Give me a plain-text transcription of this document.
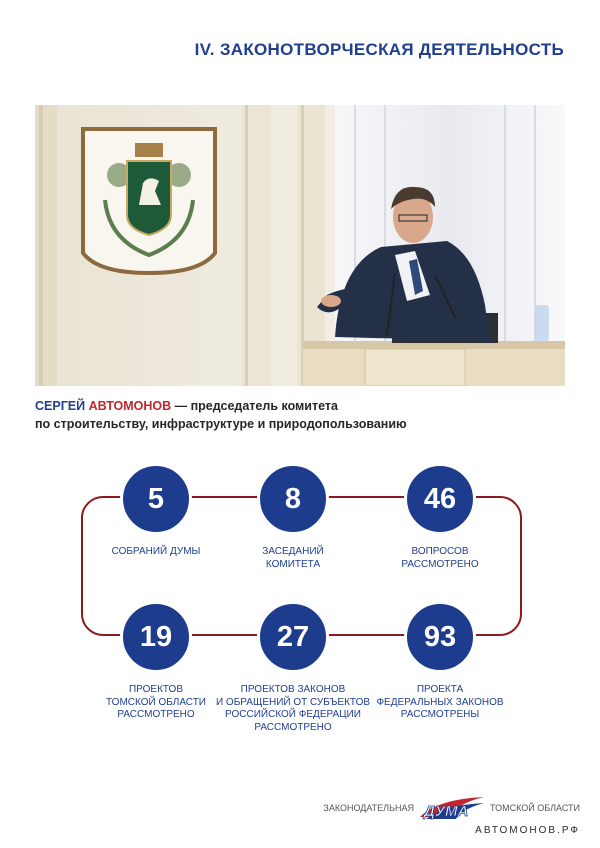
IV. ЗАКОНОТВОРЧЕСКАЯ ДЕЯТЕЛЬНОСТЬ
СЕРГЕЙ АВТОМОНОВ — председатель комитета
по строительству, инфраструктуре и природопользованию
5
СОБРАНИЙ ДУМЫ
8
ЗАСЕДАНИЙ
КОМИТЕТА
46
ВОПРОСОВ
РАССМОТРЕНО
19
ПРОЕКТОВ
ТОМСКОЙ ОБЛАСТИ
РАССМОТРЕНО
27
ПРОЕКТОВ ЗАКОНОВ
И ОБРАЩЕНИЙ ОТ СУБЪЕКТОВ
РОССИЙСКОЙ ФЕДЕРАЦИИ
РАССМОТРЕНО
93
ПРОЕКТА
ФЕДЕРАЛЬНЫХ ЗАКОНОВ
РАССМОТРЕНЫ
ЗАКОНОДАТЕЛЬНАЯ ДУМА ТОМСКОЙ ОБЛАСТИ
АВТОМОНОВ.РФ
